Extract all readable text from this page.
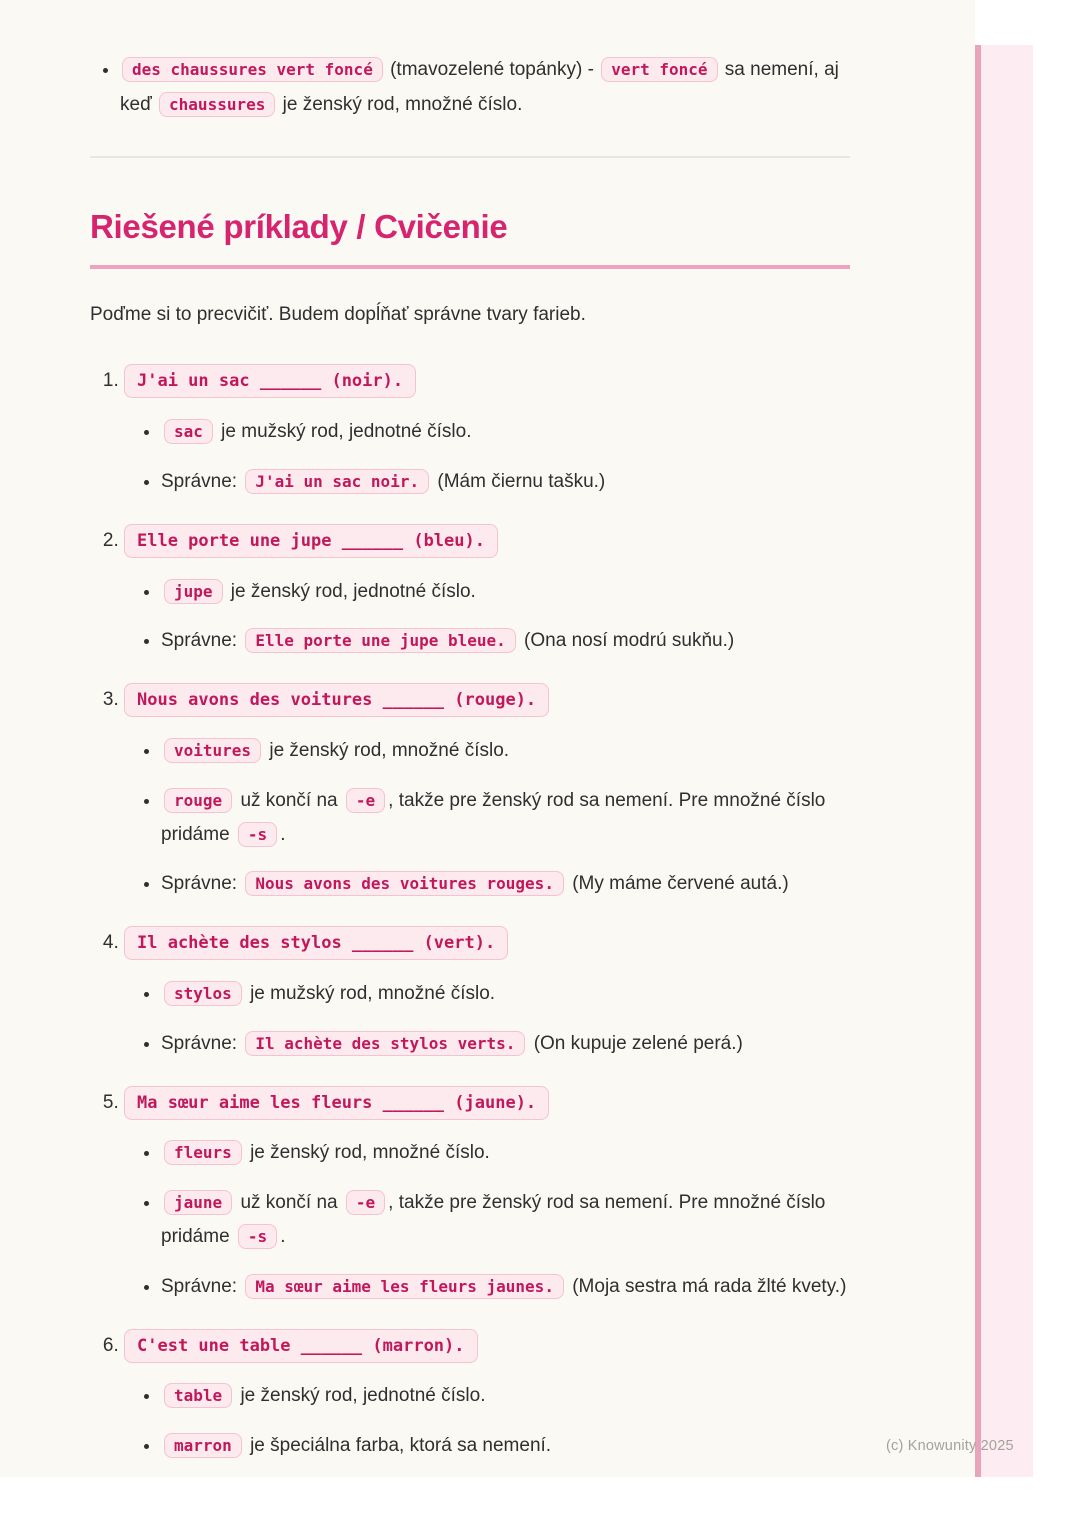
• des chaussures vert foncé (tmavozelené topánky) - vert foncé sa nemení, aj keď chaussures je ženský rod, množné číslo.
Riešené príklady / Cvičenie

Poďme si to precvičiť. Budem dopĺňať správne tvary farieb.

1. J'ai un sac ______ (noir).
• sac je mužský rod, jednotné číslo.
• Správne: J'ai un sac noir. (Mám čiernu tašku.)
2. Elle porte une jupe ______ (bleu).
• jupe je ženský rod, jednotné číslo.
• Správne: Elle porte une jupe bleue. (Ona nosí modrú sukňu.)
3. Nous avons des voitures ______ (rouge).
• voitures je ženský rod, množné číslo.
• rouge už končí na -e , takže pre ženský rod sa nemení. Pre množné číslo pridáme -s .
• Správne: Nous avons des voitures rouges. (My máme červené autá.)
4. Il achète des stylos ______ (vert).
• stylos je mužský rod, množné číslo.
• Správne: Il achète des stylos verts. (On kupuje zelené perá.)
5. Ma sœur aime les fleurs ______ (jaune).
• fleurs je ženský rod, množné číslo.
• jaune už končí na -e , takže pre ženský rod sa nemení. Pre množné číslo pridáme -s .
• Správne: Ma sœur aime les fleurs jaunes. (Moja sestra má rada žlté kvety.)
6. C'est une table ______ (marron).
• table je ženský rod, jednotné číslo.
• marron je špeciálna farba, ktorá sa nemení.	(c) Knowunity 2025
